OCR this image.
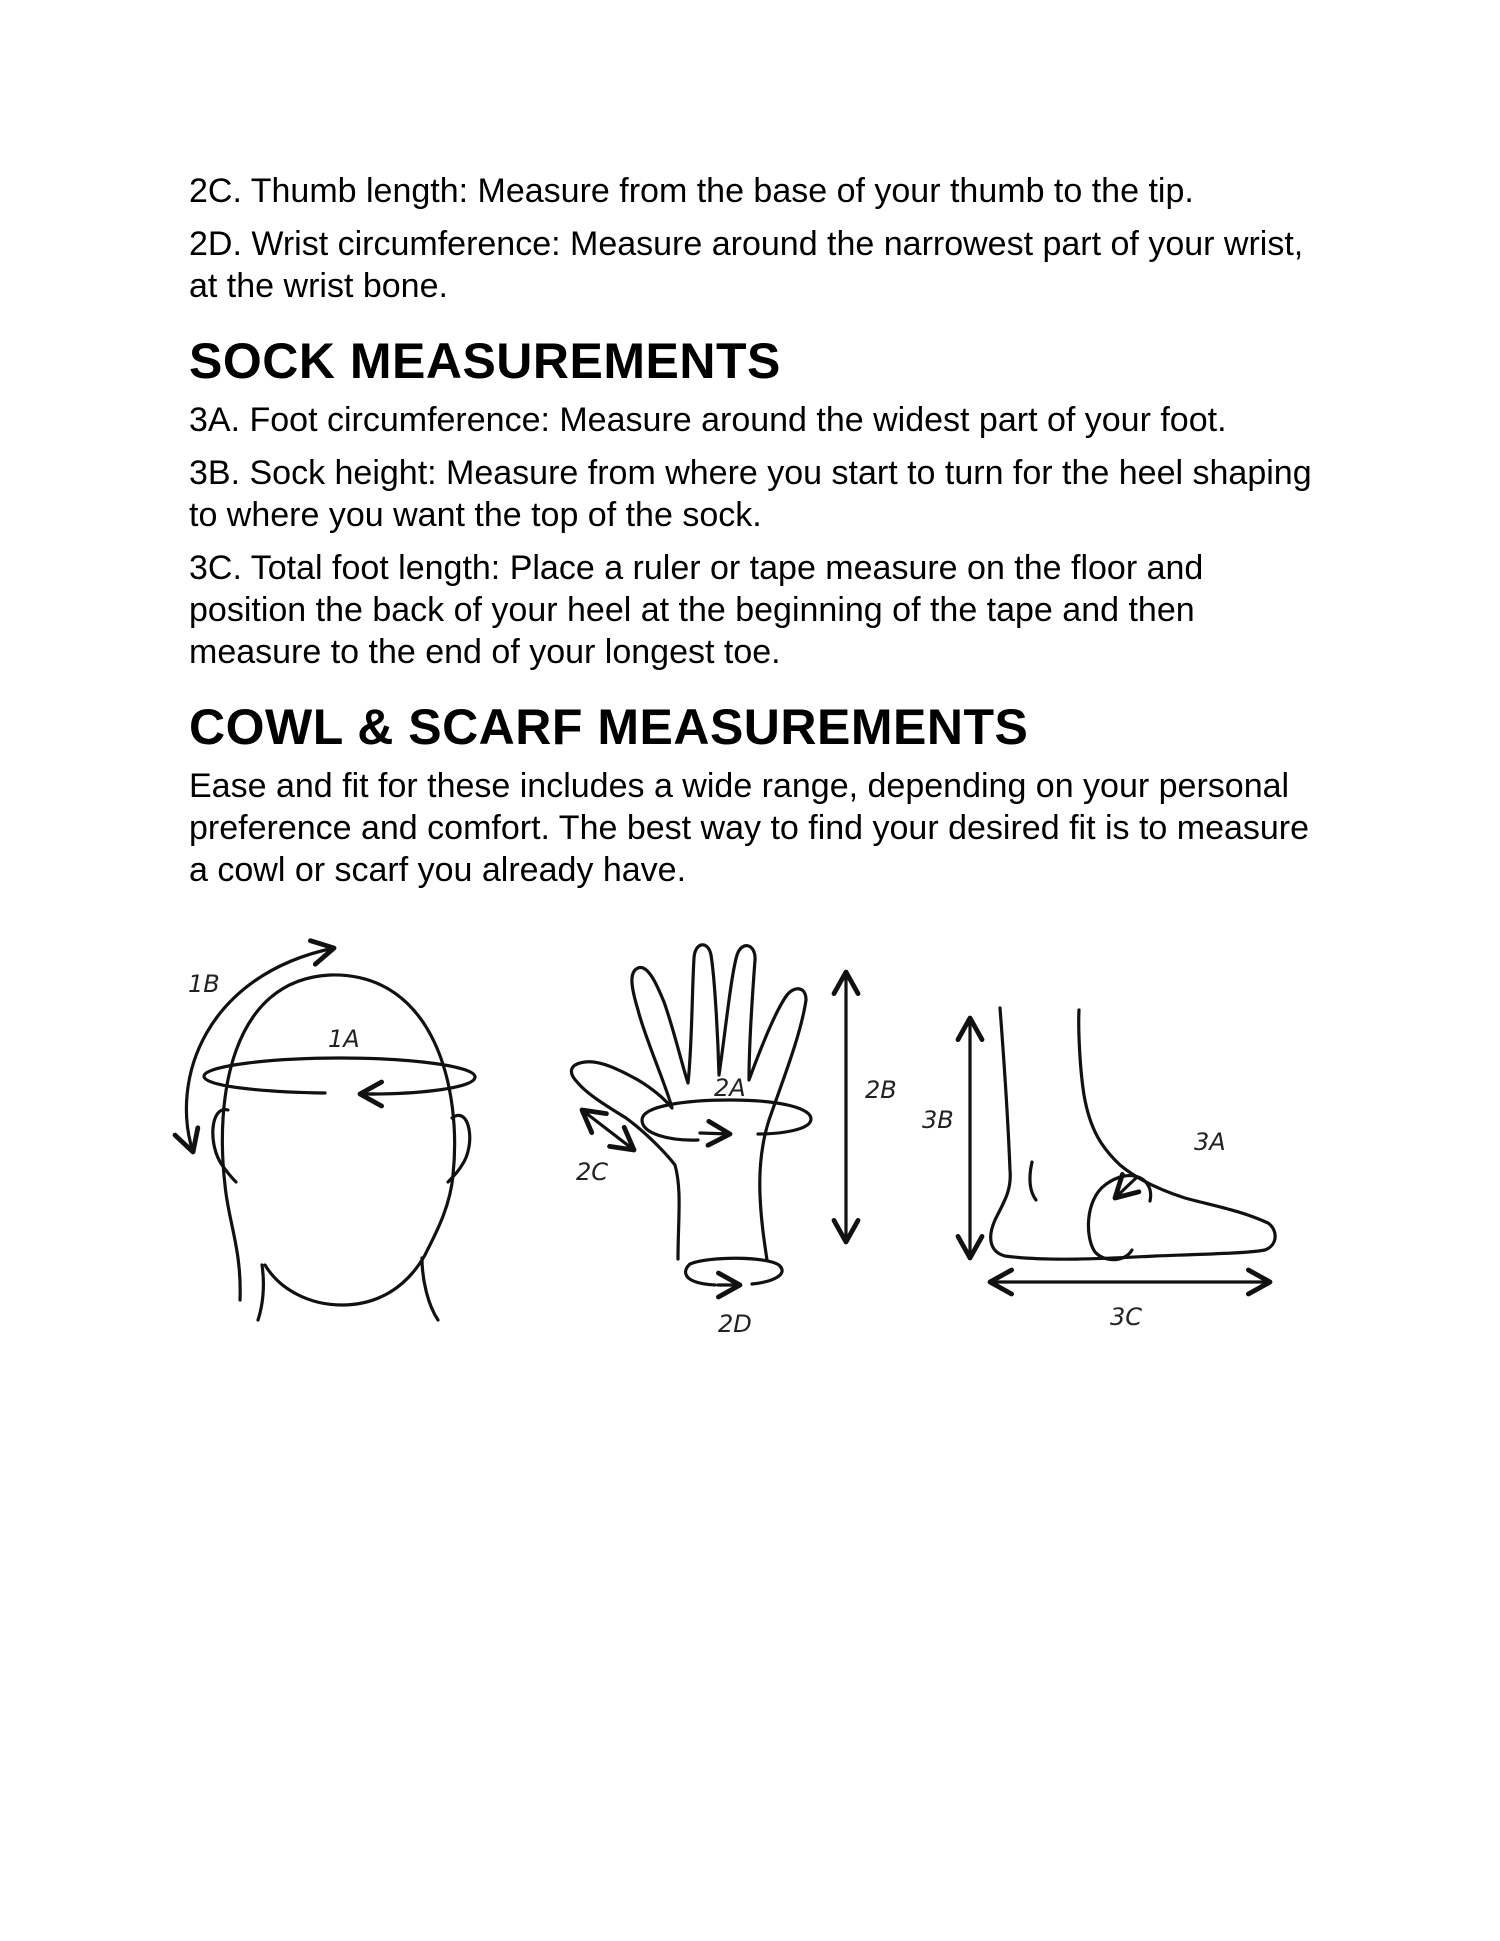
2C. Thumb length: Measure from the base of your thumb to the tip.

2D. Wrist circumference: Measure around the narrowest part of your wrist, at the wrist bone.

SOCK MEASUREMENTS

3A. Foot circumference: Measure around the widest part of your foot.

3B. Sock height: Measure from where you start to turn for the heel shaping to where you want the top of the sock.

3C. Total foot length: Place a ruler or tape measure on the floor and position the back of your heel at the beginning of the tape and then measure to the end of your longest toe.

COWL & SCARF MEASUREMENTS

Ease and fit for these includes a wide range, depending on your personal preference and comfort. The best way to find your desired fit is to measure a cowl or scarf you already have.

1A
1B
2A	2B
2C
2D
3A
3B
3C
